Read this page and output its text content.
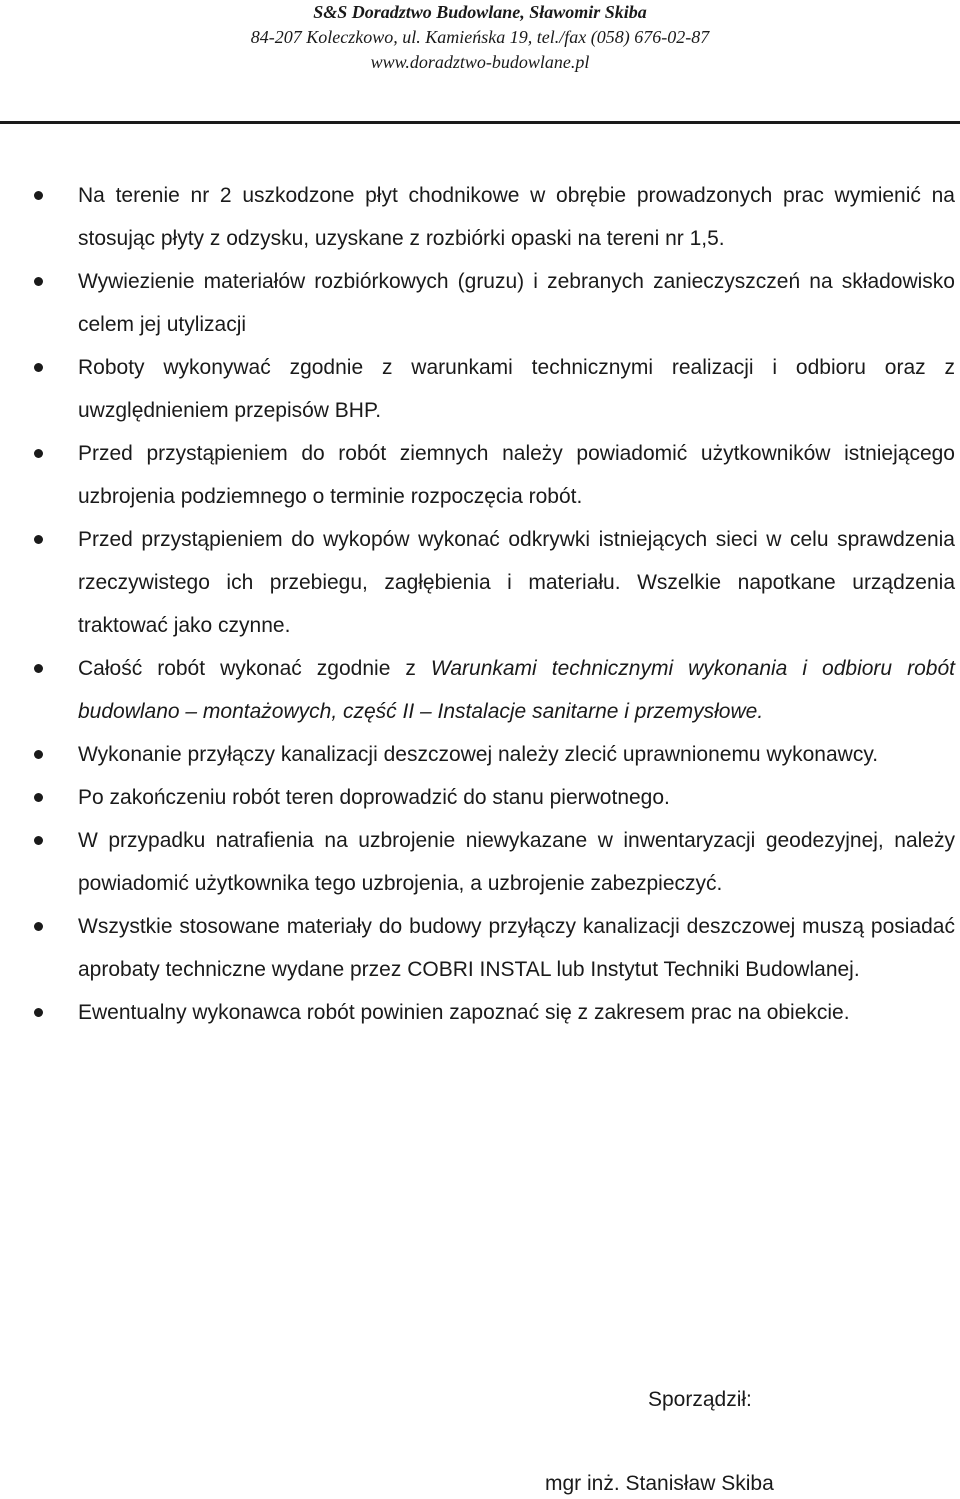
S&S Doradztwo Budowlane, Sławomir Skiba
84-207 Koleczkowo, ul. Kamieńska 19, tel./fax (058) 676-02-87
www.doradztwo-budowlane.pl
Na terenie nr 2 uszkodzone płyt chodnikowe w obrębie prowadzonych prac wymienić na stosując płyty z odzysku, uzyskane z rozbiórki opaski na tereni nr 1,5.
Wywiezienie materiałów rozbiórkowych (gruzu) i zebranych zanieczyszczeń na składowisko celem jej utylizacji
Roboty wykonywać zgodnie z warunkami technicznymi realizacji i odbioru oraz z uwzględnieniem przepisów BHP.
Przed przystąpieniem do robót ziemnych należy powiadomić użytkowników istniejącego uzbrojenia podziemnego o terminie rozpoczęcia robót.
Przed przystąpieniem do wykopów wykonać odkrywki istniejących sieci w celu sprawdzenia rzeczywistego ich przebiegu, zagłębienia i materiału. Wszelkie napotkane urządzenia traktować jako czynne.
Całość robót wykonać zgodnie z Warunkami technicznymi wykonania i odbioru robót budowlano – montażowych, część II – Instalacje sanitarne i przemysłowe.
Wykonanie przyłączy kanalizacji deszczowej należy zlecić uprawnionemu wykonawcy.
Po zakończeniu robót teren doprowadzić do stanu pierwotnego.
W przypadku natrafienia na uzbrojenie niewykazane w inwentaryzacji geodezyjnej, należy powiadomić użytkownika tego uzbrojenia, a uzbrojenie zabezpieczyć.
Wszystkie stosowane materiały do budowy przyłączy kanalizacji deszczowej muszą posiadać aprobaty techniczne wydane przez COBRI INSTAL lub Instytut Techniki Budowlanej.
Ewentualny wykonawca robót powinien zapoznać się z zakresem prac na obiekcie.
Sporządził:
mgr inż. Stanisław Skiba
